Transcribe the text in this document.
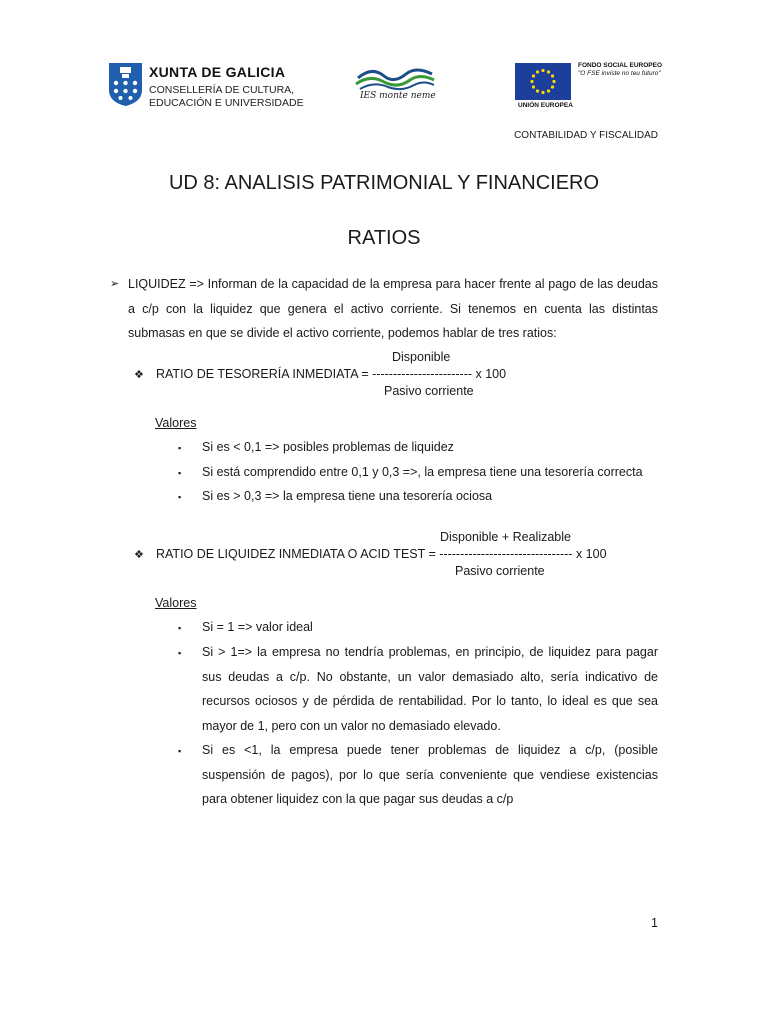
XUNTA DE GALICIA
CONSELLERÍA DE CULTURA,
EDUCACIÓN E UNIVERSIDADE
IES monte neme
UNIÓN EUROPEA
FONDO SOCIAL EUROPEO
"O FSE inviste no teu futuro"
CONTABILIDAD Y FISCALIDAD
UD 8: ANALISIS PATRIMONIAL Y FINANCIERO
RATIOS
➢ LIQUIDEZ => Informan de la capacidad de la empresa para hacer frente al pago de las deudas a c/p con la liquidez que genera el activo corriente. Si tenemos en cuenta las distintas submasas en que se divide el activo corriente, podemos hablar de tres ratios:
Disponible
❖ RATIO DE TESORERÍA INMEDIATA = ------------------------ x 100
Pasivo corriente
Valores
▪ Si es < 0,1 => posibles problemas de liquidez
▪ Si está comprendido entre 0,1 y 0,3 =>, la empresa tiene una tesorería correcta
▪ Si es > 0,3 => la empresa tiene una tesorería ociosa
Disponible + Realizable
❖ RATIO DE LIQUIDEZ INMEDIATA O ACID TEST = -------------------------------- x 100
Pasivo corriente
Valores
▪ Si = 1 => valor ideal
▪ Si > 1=> la empresa no tendría problemas, en principio, de liquidez para pagar sus deudas a c/p. No obstante, un valor demasiado alto, sería indicativo de recursos ociosos y de pérdida de rentabilidad. Por lo tanto, lo ideal es que sea mayor de 1, pero con un valor no demasiado elevado.
▪ Si es <1, la empresa puede tener problemas de liquidez a c/p, (posible suspensión de pagos), por lo que sería conveniente que vendiese existencias para obtener liquidez con la que pagar sus deudas a c/p
1
